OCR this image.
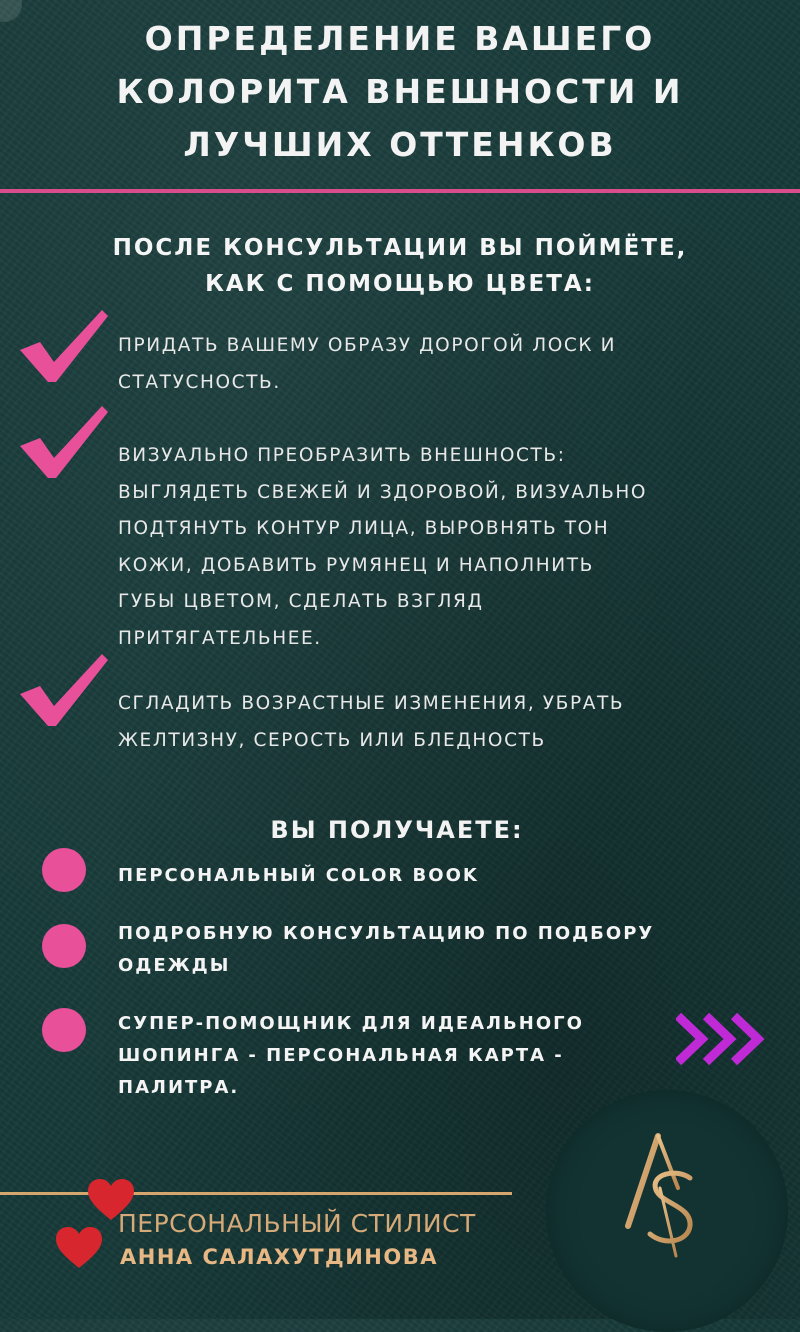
ОПРЕДЕЛЕНИЕ ВАШЕГО
КОЛОРИТА ВНЕШНОСТИ И
ЛУЧШИХ ОТТЕНКОВ
ПОСЛЕ КОНСУЛЬТАЦИИ ВЫ ПОЙМЁТЕ,
КАК С ПОМОЩЬЮ ЦВЕТА:
ПРИДАТЬ ВАШЕМУ ОБРАЗУ ДОРОГОЙ ЛОСК И
СТАТУСНОСТЬ.
ВИЗУАЛЬНО ПРЕОБРАЗИТЬ ВНЕШНОСТЬ:
ВЫГЛЯДЕТЬ СВЕЖЕЙ И ЗДОРОВОЙ, ВИЗУАЛЬНО
ПОДТЯНУТЬ КОНТУР ЛИЦА, ВЫРОВНЯТЬ ТОН
КОЖИ, ДОБАВИТЬ РУМЯНЕЦ И НАПОЛНИТЬ
ГУБЫ ЦВЕТОМ, СДЕЛАТЬ ВЗГЛЯД
ПРИТЯГАТЕЛЬНЕЕ.
СГЛАДИТЬ ВОЗРАСТНЫЕ ИЗМЕНЕНИЯ, УБРАТЬ
ЖЕЛТИЗНУ, СЕРОСТЬ ИЛИ БЛЕДНОСТЬ
ВЫ ПОЛУЧАЕТЕ:
ПЕРСОНАЛЬНЫЙ COLOR BOOK
ПОДРОБНУЮ КОНСУЛЬТАЦИЮ ПО ПОДБОРУ
ОДЕЖДЫ
СУПЕР-ПОМОЩНИК ДЛЯ ИДЕАЛЬНОГО
ШОПИНГА - ПЕРСОНАЛЬНАЯ КАРТА -
ПАЛИТРА.
ПЕРСОНАЛЬНЫЙ СТИЛИСТ
АННА САЛАХУТДИНОВА
